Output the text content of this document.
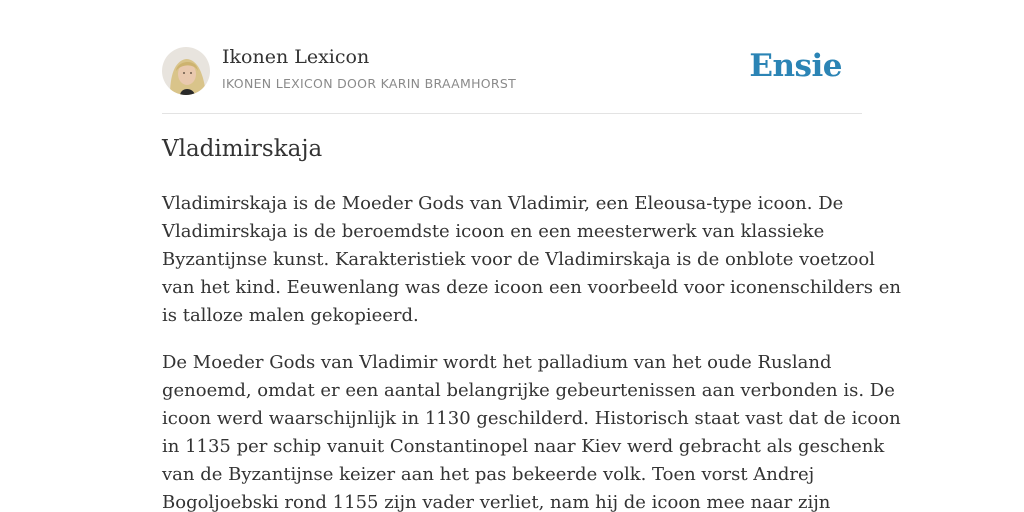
Ikonen Lexicon
IKONEN LEXICON DOOR KARIN BRAAMHORST	Ensie
Vladimirskaja

Vladimirskaja is de Moeder Gods van Vladimir, een Eleousa-type icoon. De
Vladimirskaja is de beroemdste icoon en een meesterwerk van klassieke
Byzantijnse kunst. Karakteristiek voor de Vladimirskaja is de onblote voetzool
van het kind. Eeuwenlang was deze icoon een voorbeeld voor iconenschilders en
is talloze malen gekopieerd.

De Moeder Gods van Vladimir wordt het palladium van het oude Rusland
genoemd, omdat er een aantal belangrijke gebeurtenissen aan verbonden is. De
icoon werd waarschijnlijk in 1130 geschilderd. Historisch staat vast dat de icoon
in 1135 per schip vanuit Constantinopel naar Kiev werd gebracht als geschenk
van de Byzantijnse keizer aan het pas bekeerde volk. Toen vorst Andrej
Bogoljoebski rond 1155 zijn vader verliet, nam hij de icoon mee naar zijn
